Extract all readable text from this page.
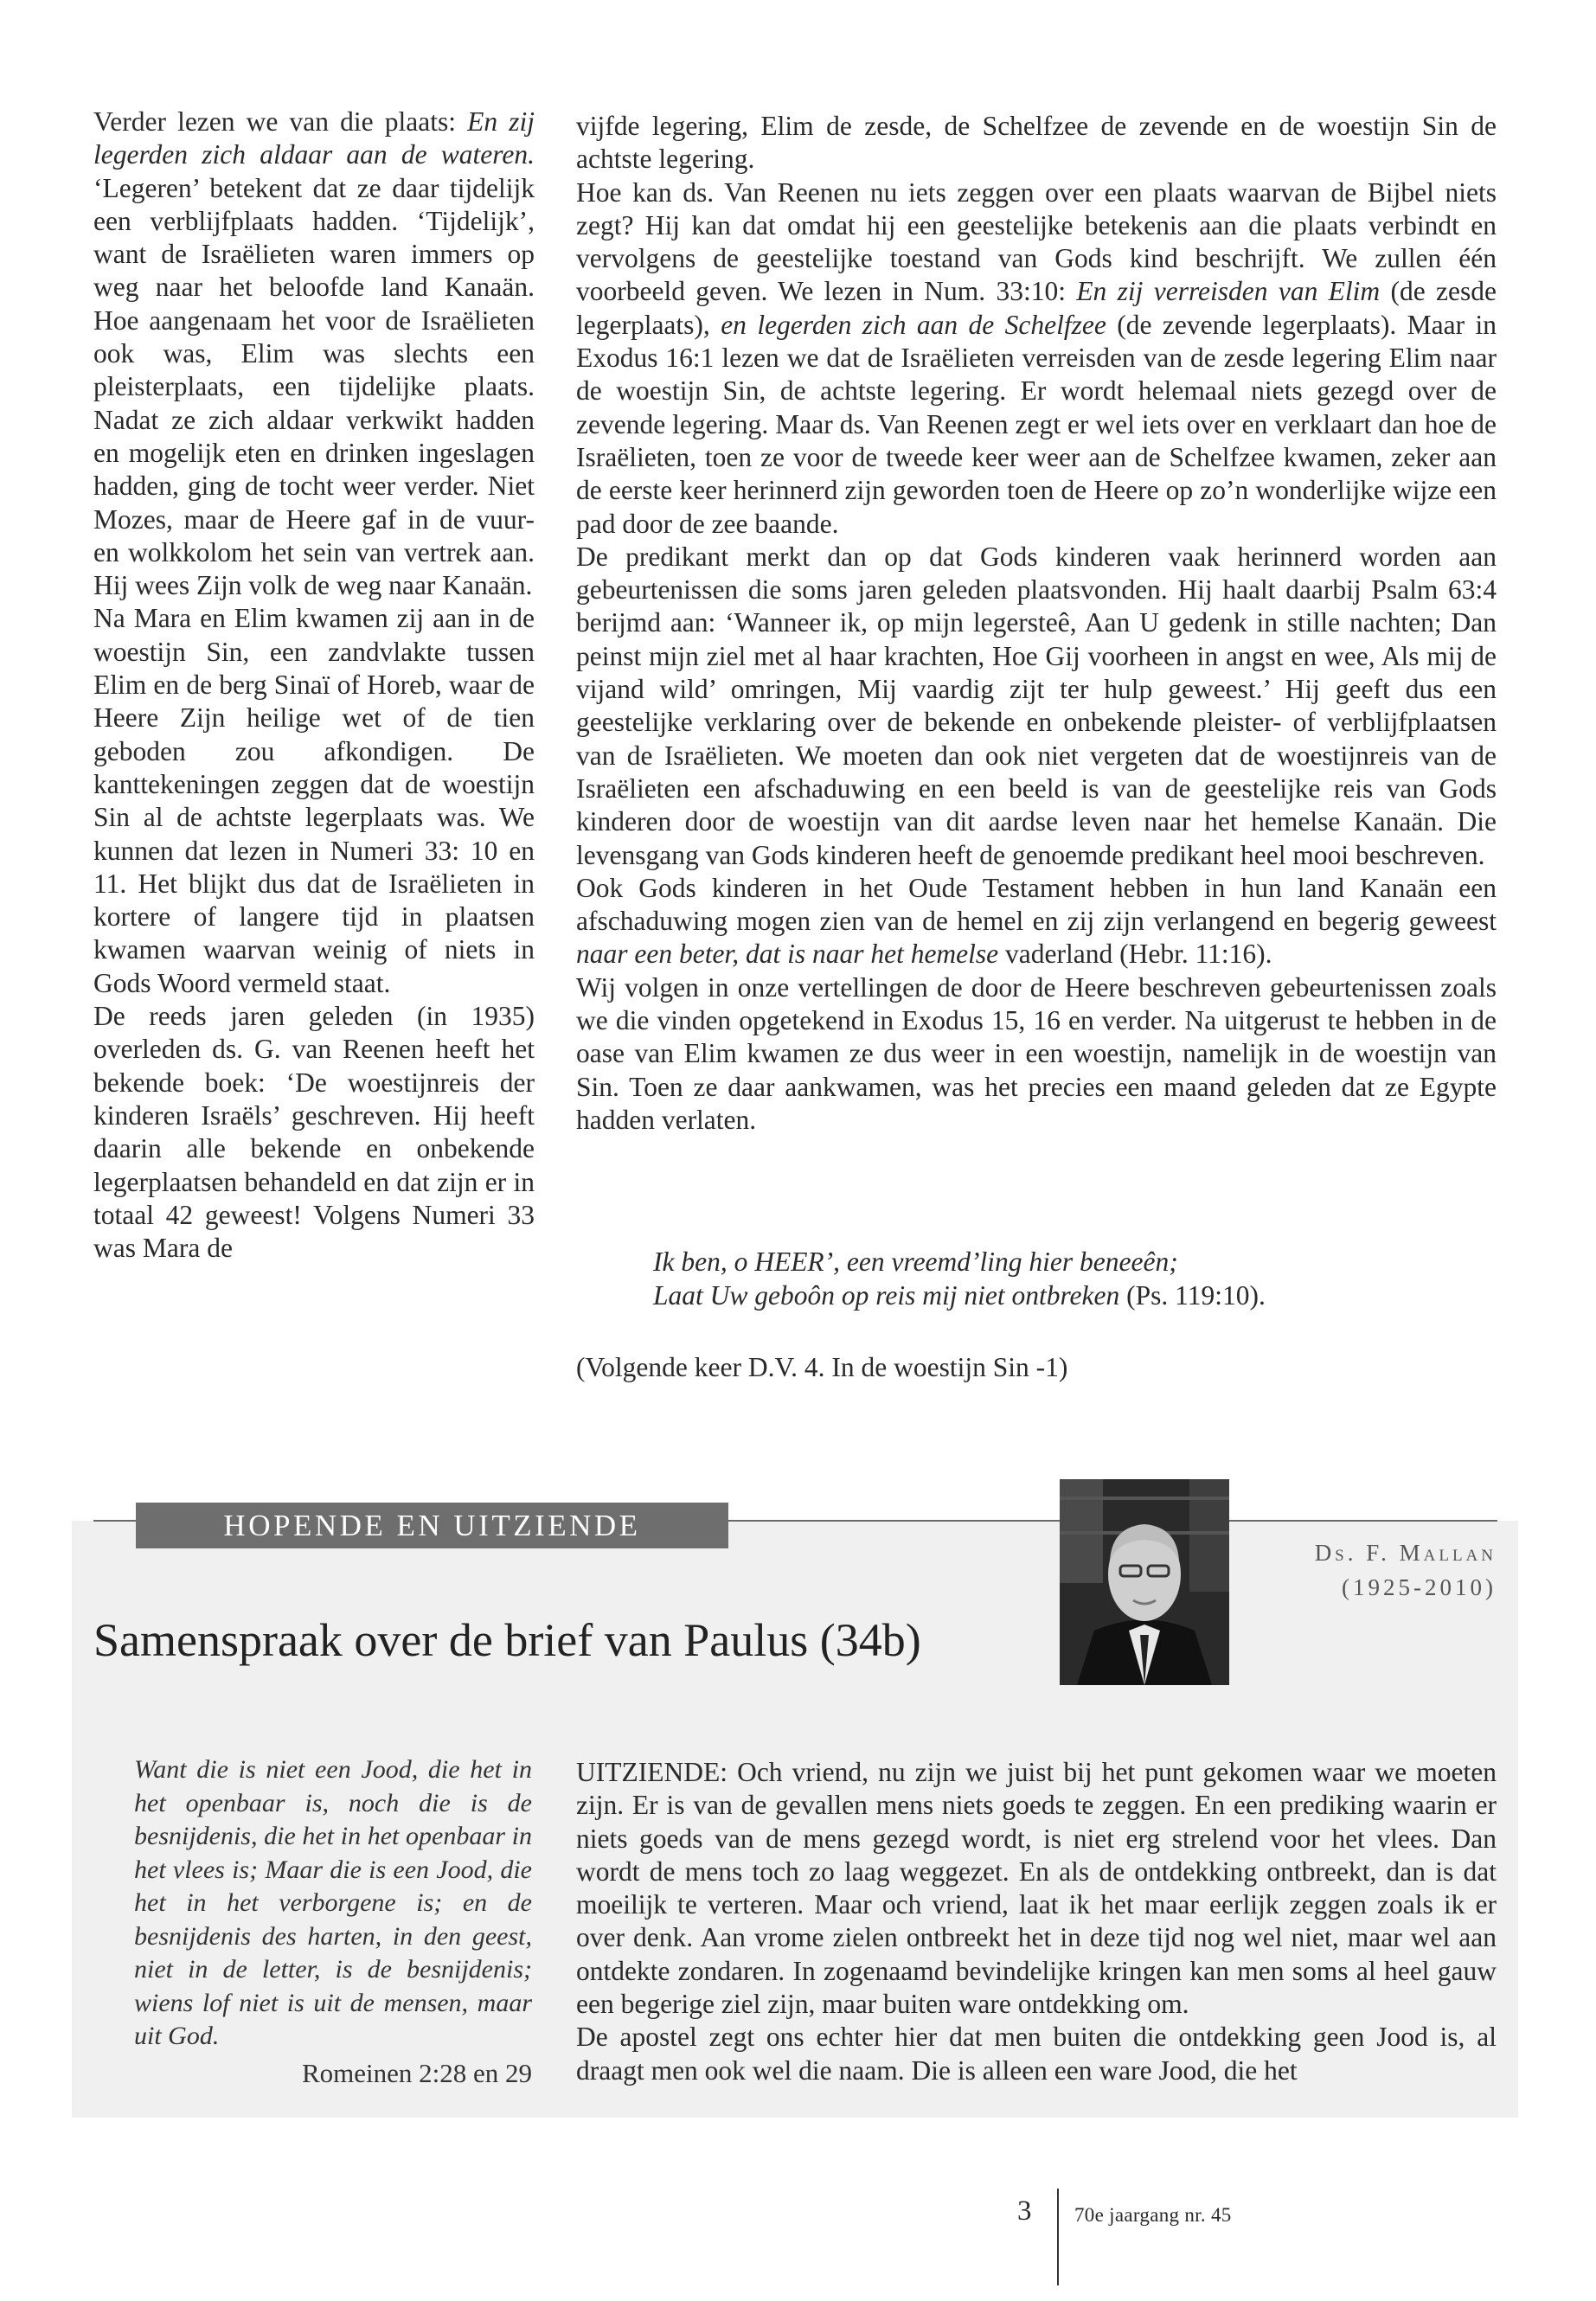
Verder lezen we van die plaats: En zij legerden zich aldaar aan de wateren. ‘Legeren’ betekent dat ze daar tijdelijk een verblijfplaats hadden. ‘Tijdelijk’, want de Israëlieten waren immers op weg naar het beloofde land Kanaän. Hoe aangenaam het voor de Israëlieten ook was, Elim was slechts een pleisterplaats, een tijdelijke plaats. Nadat ze zich aldaar verkwikt hadden en mogelijk eten en drinken ingeslagen hadden, ging de tocht weer verder. Niet Mozes, maar de Heere gaf in de vuur- en wolkkolom het sein van vertrek aan. Hij wees Zijn volk de weg naar Kanaän.

Na Mara en Elim kwamen zij aan in de woestijn Sin, een zandvlakte tussen Elim en de berg Sinaï of Horeb, waar de Heere Zijn heilige wet of de tien geboden zou afkondigen. De kanttekeningen zeggen dat de woestijn Sin al de achtste legerplaats was. We kunnen dat lezen in Numeri 33: 10 en 11. Het blijkt dus dat de Israëlieten in kortere of langere tijd in plaatsen kwamen waarvan weinig of niets in Gods Woord vermeld staat.

De reeds jaren geleden (in 1935) overleden ds. G. van Reenen heeft het bekende boek: ‘De woestijnreis der kinderen Israëls’ geschreven. Hij heeft daarin alle bekende en onbekende legerplaatsen behandeld en dat zijn er in totaal 42 geweest! Volgens Numeri 33 was Mara de

vijfde legering, Elim de zesde, de Schelfzee de zevende en de woestijn Sin de achtste legering.

Hoe kan ds. Van Reenen nu iets zeggen over een plaats waarvan de Bijbel niets zegt? Hij kan dat omdat hij een geestelijke betekenis aan die plaats verbindt en vervolgens de geestelijke toestand van Gods kind beschrijft. We zullen één voorbeeld geven. We lezen in Num. 33:10: En zij verreisden van Elim (de zesde legerplaats), en legerden zich aan de Schelfzee (de zevende legerplaats). Maar in Exodus 16:1 lezen we dat de Israëlieten verreisden van de zesde legering Elim naar de woestijn Sin, de achtste legering. Er wordt helemaal niets gezegd over de zevende legering. Maar ds. Van Reenen zegt er wel iets over en verklaart dan hoe de Israëlieten, toen ze voor de tweede keer weer aan de Schelfzee kwamen, zeker aan de eerste keer herinnerd zijn geworden toen de Heere op zo’n wonderlijke wijze een pad door de zee baande.

De predikant merkt dan op dat Gods kinderen vaak herinnerd worden aan gebeurtenissen die soms jaren geleden plaatsvonden. Hij haalt daarbij Psalm 63:4 berijmd aan: ‘Wanneer ik, op mijn legersteê, Aan U gedenk in stille nachten; Dan peinst mijn ziel met al haar krachten, Hoe Gij voorheen in angst en wee, Als mij de vijand wild’ omringen, Mij vaardig zijt ter hulp geweest.’ Hij geeft dus een geestelijke verklaring over de bekende en onbekende pleister- of verblijfplaatsen van de Israëlieten. We moeten dan ook niet vergeten dat de woestijnreis van de Israëlieten een afschaduwing en een beeld is van de geestelijke reis van Gods kinderen door de woestijn van dit aardse leven naar het hemelse Kanaän. Die levensgang van Gods kinderen heeft de genoemde predikant heel mooi beschreven.

Ook Gods kinderen in het Oude Testament hebben in hun land Kanaän een afschaduwing mogen zien van de hemel en zij zijn verlangend en begerig geweest naar een beter, dat is naar het hemelse vaderland (Hebr. 11:16).

Wij volgen in onze vertellingen de door de Heere beschreven gebeurtenissen zoals we die vinden opgetekend in Exodus 15, 16 en verder. Na uitgerust te hebben in de oase van Elim kwamen ze dus weer in een woestijn, namelijk in de woestijn van Sin. Toen ze daar aankwamen, was het precies een maand geleden dat ze Egypte hadden verlaten.

Ik ben, o HEER’, een vreemd’ling hier beneeên;
Laat Uw geboôn op reis mij niet ontbreken (Ps. 119:10).
(Volgende keer D.V. 4. In de woestijn Sin -1)
HOPENDE EN UITZIENDE
Ds. F. Mallan
(1925-2010)
Samenspraak over de brief van Paulus (34b)
Want die is niet een Jood, die het in het openbaar is, noch die is de besnijdenis, die het in het openbaar in het vlees is; Maar die is een Jood, die het in het verborgene is; en de besnijdenis des harten, in den geest, niet in de letter, is de besnijdenis; wiens lof niet is uit de mensen, maar uit God.
Romeinen 2:28 en 29

UITZIENDE: Och vriend, nu zijn we juist bij het punt gekomen waar we moeten zijn. Er is van de gevallen mens niets goeds te zeggen. En een prediking waarin er niets goeds van de mens gezegd wordt, is niet erg strelend voor het vlees. Dan wordt de mens toch zo laag weggezet. En als de ontdekking ontbreekt, dan is dat moeilijk te verteren. Maar och vriend, laat ik het maar eerlijk zeggen zoals ik er over denk. Aan vrome zielen ontbreekt het in deze tijd nog wel niet, maar wel aan ontdekte zondaren. In zogenaamd bevindelijke kringen kan men soms al heel gauw een begerige ziel zijn, maar buiten ware ontdekking om.

De apostel zegt ons echter hier dat men buiten die ontdekking geen Jood is, al draagt men ook wel die naam. Die is alleen een ware Jood, die het

3 70e jaargang nr. 45
